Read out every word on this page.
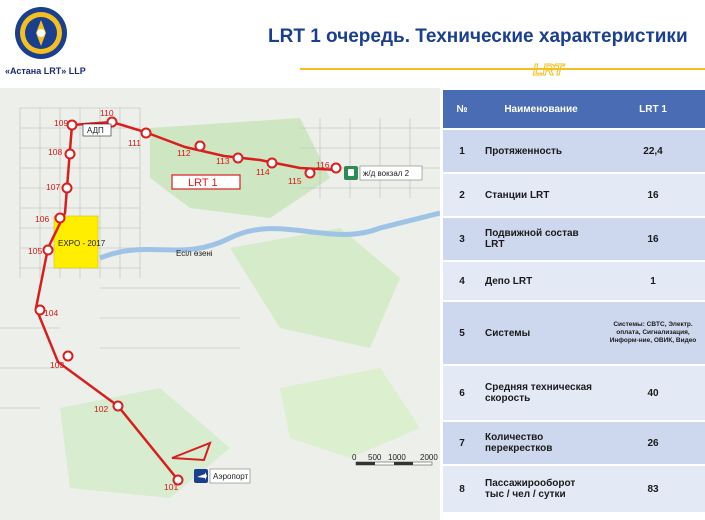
«Астана LRT» LLP
LRT 1 очередь. Технические характеристики
LRT
Есіл өзені
EXPO - 2017
101
102
103
104
105
106
107
108
109
110
111
112
113
114
115
116
АДП
LRT 1
ж/д вокзал 2
Аэропорт
0 500 1000 2000
№	Наименование	LRT 1
1	Протяженность	22,4
2	Станции LRT	16
3	Подвижной состав LRT	16
4	Депо LRT	1
5	Системы	Системы: CBTC, Электр. оплата, Сигнализация, Информ-ние, ОВИК, Видео
6	Средняя техническая скорость	40
7	Количество перекрестков	26
8	Пассажирооборот тыс / чел / сутки	83
